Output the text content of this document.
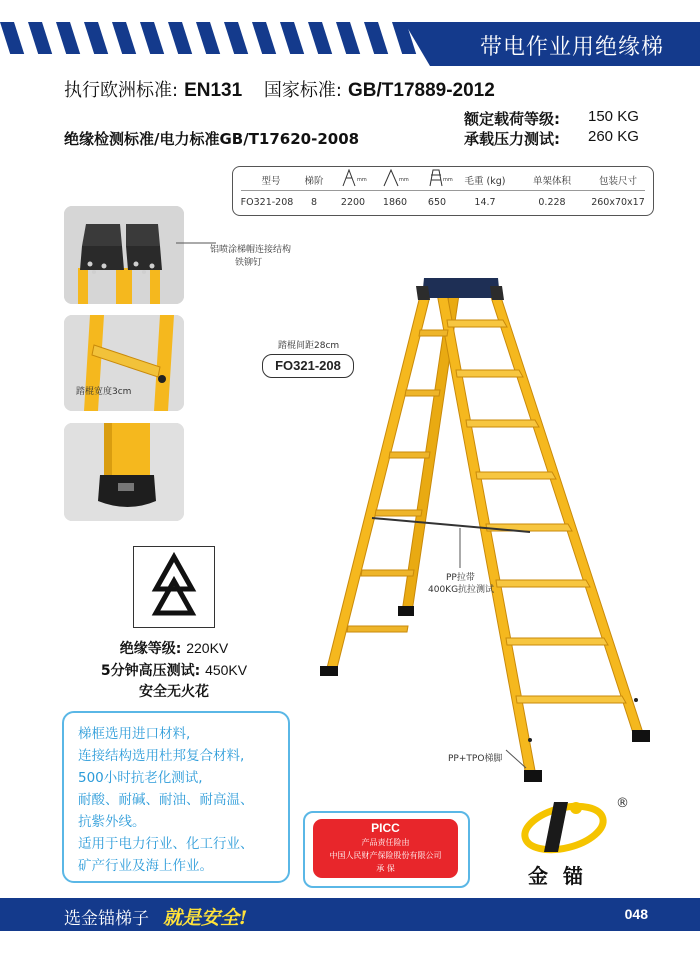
带电作业用绝缘梯
标准保证安全
执行欧洲标准: EN131 国家标准: GB/T17889-2012
额定载荷等级: 150 KG
承载压力测试: 260 KG
绝缘检测标准/电力标准GB/T17620-2008
型号	梯阶	mm	mm	mm	毛重 (kg)	单架体积	包装尺寸
FO321-208	8	2200	1860	650	14.7	0.228	260x70x17
铝喷涂梯帽连接结构
铁铆钉
踏棍宽度3cm
绝缘等级: 220KV
5分钟高压测试: 450KV
安全无火花
梯框选用进口材料,
连接结构选用杜邦复合材料,
500小时抗老化测试,
耐酸、耐碱、耐油、耐高温、
抗紫外线。
适用于电力行业、化工行业、
矿产行业及海上作业。
踏棍间距28cm
FO321-208
PP拉带
400KG抗拉测试
PP+TPO梯脚
PICC
产品责任险由
中国人民财产保险股份有限公司
承 保
®
金 锚
选金锚梯子 就是安全!	048
